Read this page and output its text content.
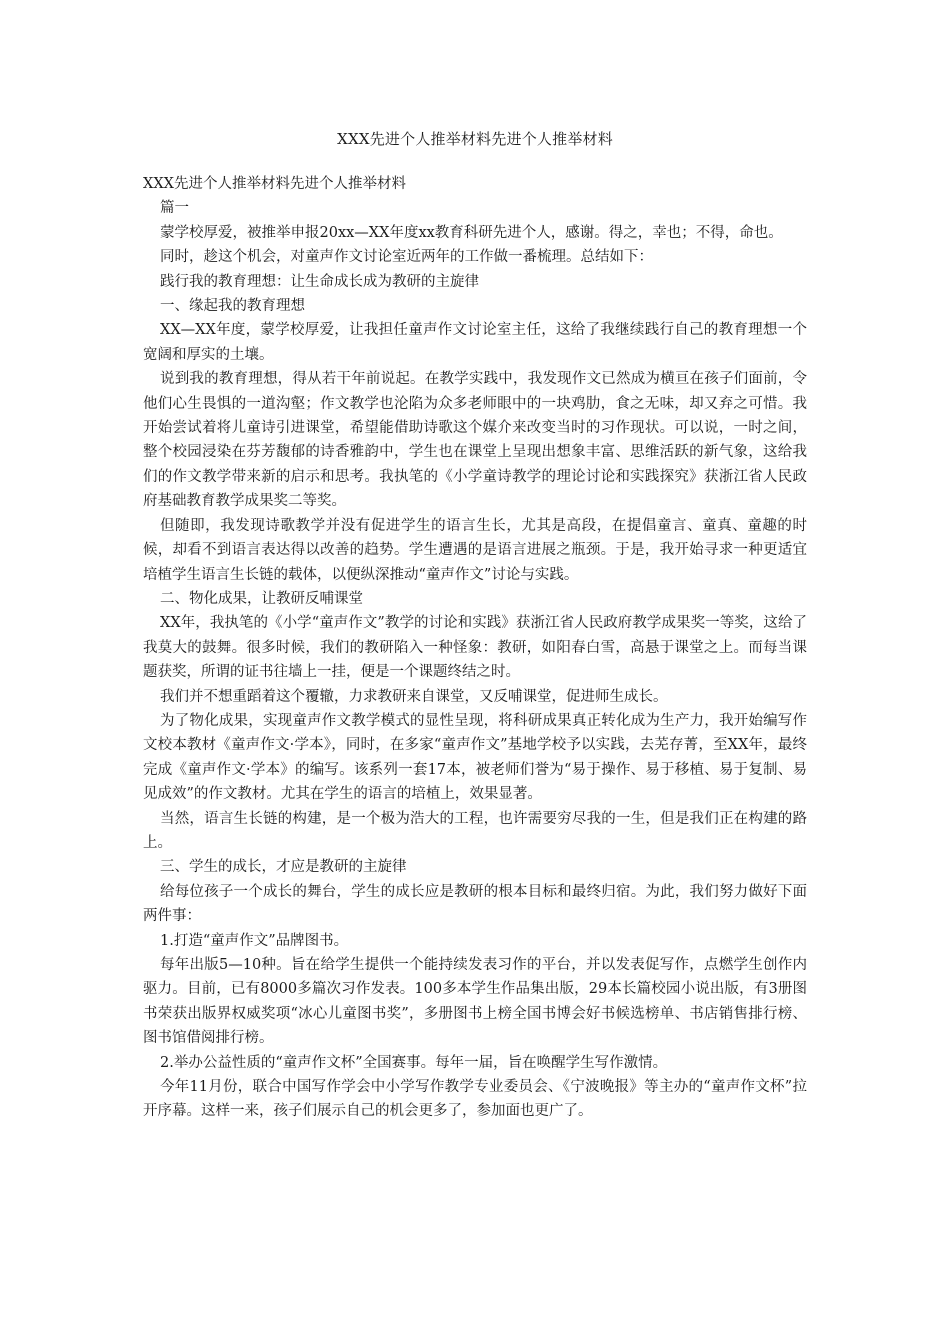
XXX先进个人推举材料先进个人推举材料

XXX先进个人推举材料先进个人推举材料

篇一

蒙学校厚爱，被推举申报20xx—XX年度xx教育科研先进个人，感谢。得之，幸也；不得，命也。

同时，趁这个机会，对童声作文讨论室近两年的工作做一番梳理。总结如下：

践行我的教育理想：让生命成长成为教研的主旋律

一、缘起我的教育理想

XX—XX年度，蒙学校厚爱，让我担任童声作文讨论室主任，这给了我继续践行自己的教育理想一个宽阔和厚实的土壤。

说到我的教育理想，得从若干年前说起。在教学实践中，我发现作文已然成为横亘在孩子们面前，令他们心生畏惧的一道沟壑；作文教学也沦陷为众多老师眼中的一块鸡肋，食之无味，却又弃之可惜。我开始尝试着将儿童诗引进课堂，希望能借助诗歌这个媒介来改变当时的习作现状。可以说，一时之间，整个校园浸染在芬芳馥郁的诗香雅韵中，学生也在课堂上呈现出想象丰富、思维活跃的新气象，这给我们的作文教学带来新的启示和思考。我执笔的《小学童诗教学的理论讨论和实践探究》获浙江省人民政府基础教育教学成果奖二等奖。

但随即，我发现诗歌教学并没有促进学生的语言生长，尤其是高段，在提倡童言、童真、童趣的时候，却看不到语言表达得以改善的趋势。学生遭遇的是语言进展之瓶颈。于是，我开始寻求一种更适宜培植学生语言生长链的载体，以便纵深推动“童声作文”讨论与实践。

二、物化成果，让教研反哺课堂

XX年，我执笔的《小学“童声作文”教学的讨论和实践》获浙江省人民政府教学成果奖一等奖，这给了我莫大的鼓舞。很多时候，我们的教研陷入一种怪象：教研，如阳春白雪，高悬于课堂之上。而每当课题获奖，所谓的证书往墙上一挂，便是一个课题终结之时。

我们并不想重蹈着这个覆辙，力求教研来自课堂，又反哺课堂，促进师生成长。

为了物化成果，实现童声作文教学模式的显性呈现，将科研成果真正转化成为生产力，我开始编写作文校本教材《童声作文·学本》，同时，在多家“童声作文”基地学校予以实践，去芜存菁，至XX年，最终完成《童声作文·学本》的编写。该系列一套17本，被老师们誉为“易于操作、易于移植、易于复制、易见成效”的作文教材。尤其在学生的语言的培植上，效果显著。

当然，语言生长链的构建，是一个极为浩大的工程，也许需要穷尽我的一生，但是我们正在构建的路上。

三、学生的成长，才应是教研的主旋律

给每位孩子一个成长的舞台，学生的成长应是教研的根本目标和最终归宿。为此，我们努力做好下面两件事：

1.打造“童声作文”品牌图书。

每年出版5—10种。旨在给学生提供一个能持续发表习作的平台，并以发表促写作，点燃学生创作内驱力。目前，已有8000多篇次习作发表。100多本学生作品集出版，29本长篇校园小说出版，有3册图书荣获出版界权威奖项“冰心儿童图书奖”，多册图书上榜全国书博会好书候选榜单、书店销售排行榜、图书馆借阅排行榜。

2.举办公益性质的“童声作文杯”全国赛事。每年一届，旨在唤醒学生写作激情。

今年11月份，联合中国写作学会中小学写作教学专业委员会、《宁波晚报》等主办的“童声作文杯”拉开序幕。这样一来，孩子们展示自己的机会更多了，参加面也更广了。
